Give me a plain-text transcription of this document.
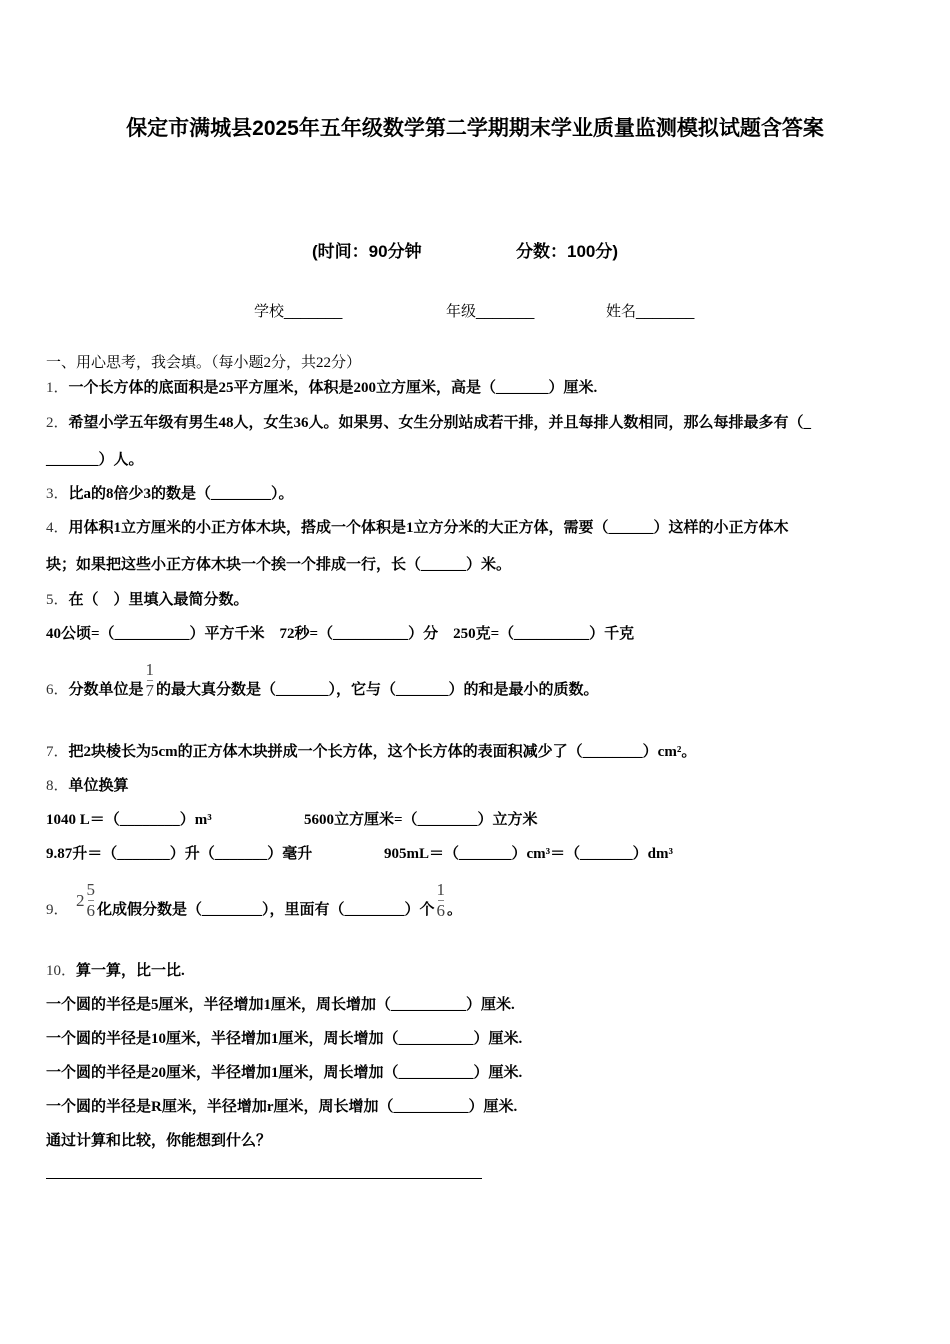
保定市满城县2025年五年级数学第二学期期末学业质量监测模拟试题含答案
(时间：90分钟	分数：100分)
学校_______	年级_______	姓名_______
一、用心思考，我会填。（每小题2分，共22分）
1．一个长方体的底面积是25平方厘米，体积是200立方厘米，高是（_______）厘米.
2．希望小学五年级有男生48人，女生36人。如果男、女生分别站成若干排，并且每排人数相同，那么每排最多有（_
_______）人。
3．比a的8倍少3的数是（________）。
4．用体积1立方厘米的小正方体木块，搭成一个体积是1立方分米的大正方体，需要（______）这样的小正方体木
块；如果把这些小正方体木块一个挨一个排成一行，长（______）米。
5．在（　）里填入最简分数。
40公顷=（__________）平方千米　72秒=（__________）分　250克=（__________）千克
6．分数单位是 $\frac{1}{7}$ 的最大真分数是（_______），它与（_______）的和是最小的质数。
7．把2块棱长为5cm的正方体木块拼成一个长方体，这个长方体的表面积减少了（________）cm²。
8．单位换算
1040 L＝（________）m³	5600立方厘米=（________）立方米
9.87升＝（_______）升（_______）毫升	905mL＝（_______）cm³＝（_______）dm³
9．  $2 \frac{5}{6}$ 化成假分数是（________），里面有（________）个 $\frac{1}{6}$ 。
10．算一算，比一比.
一个圆的半径是5厘米，半径增加1厘米，周长增加（__________）厘米.
一个圆的半径是10厘米，半径增加1厘米，周长增加（__________）厘米.
一个圆的半径是20厘米，半径增加1厘米，周长增加（__________）厘米.
一个圆的半径是R厘米，半径增加r厘米，周长增加（__________）厘米.
通过计算和比较，你能想到什么？
